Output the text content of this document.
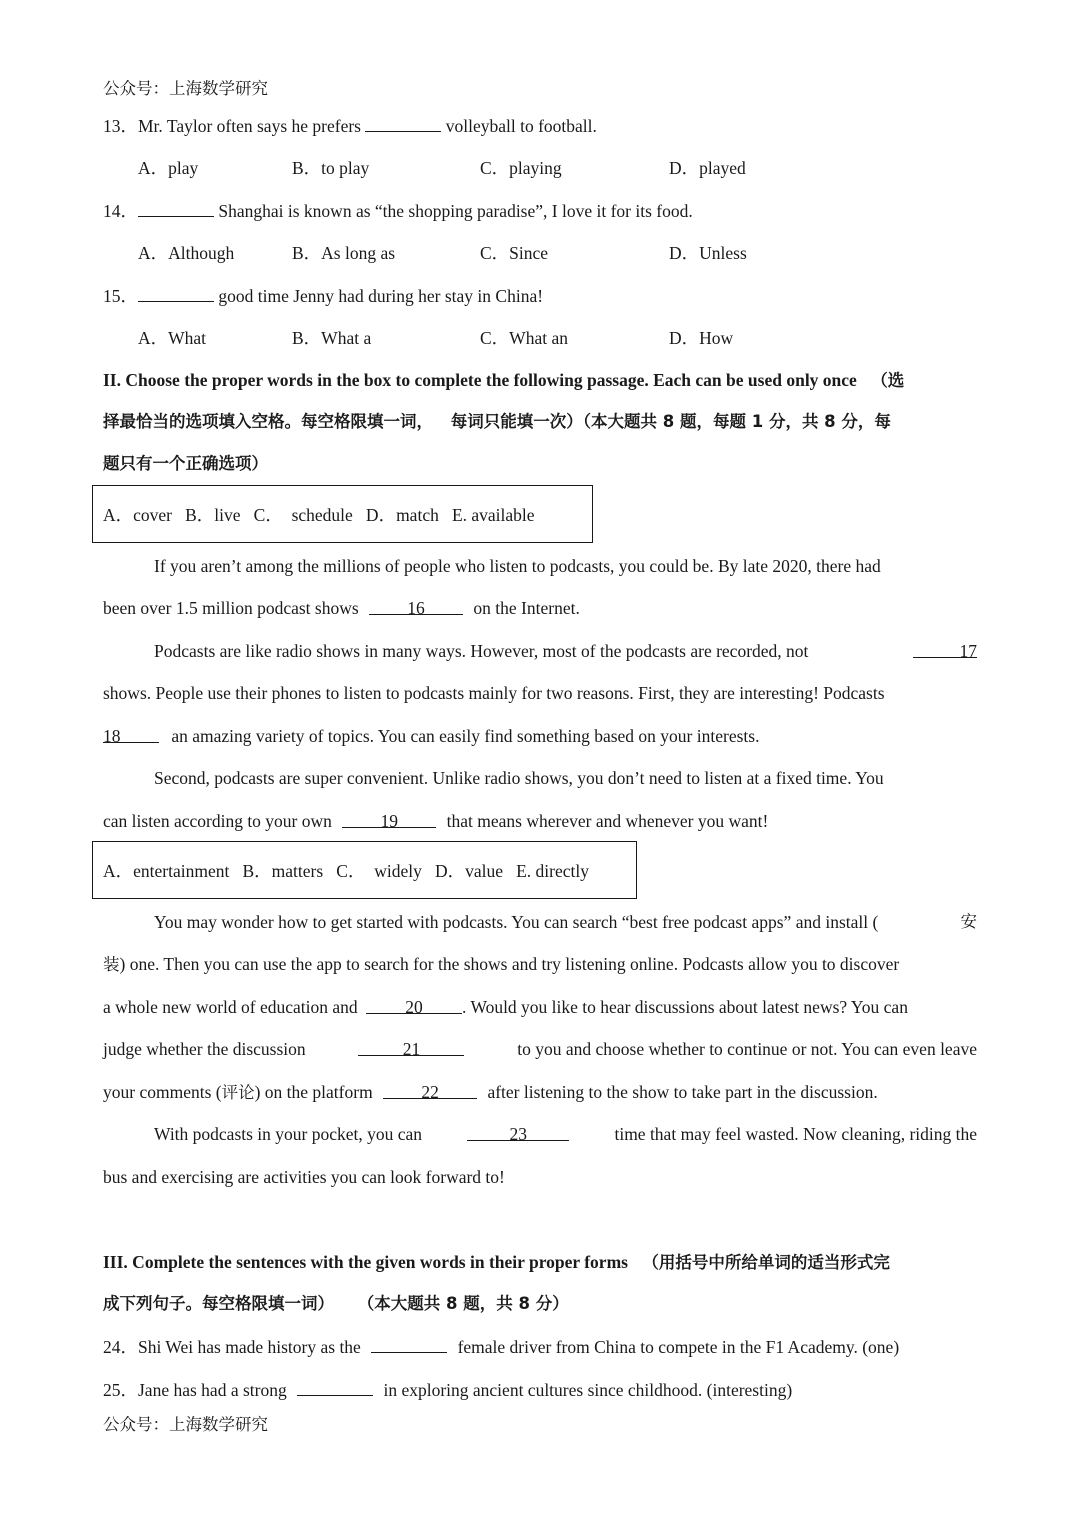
公众号：上海数学研究
13．Mr. Taylor often says he prefers	volleyball to football.
A．play	B．to play	C．playing	D．played
14．	Shanghai is known as “the shopping paradise”, I love it for its food.
A．Although	B．As long as	C．Since	D．Unless
15．	good time Jenny had during her stay in China!
A．What	B．What a	C．What an	D．How
II. Choose the proper words in the box to complete the following passage. Each can be used only once （选
择最恰当的选项填入空格。每空格限填一词， 每词只能填一次）（本大题共 8 题，每题 1 分，共 8 分，每
题只有一个正确选项）
A．cover   B．live   C．  schedule   D．match   E. available
If you aren’t among the millions of people who listen to podcasts, you could be. By late 2020, there had
been over 1.5 million podcast shows	16	on the Internet.
Podcasts are like radio shows in many ways. However, most of the podcasts are recorded, not	17
shows. People use their phones to listen to podcasts mainly for two reasons. First, they are interesting! Podcasts
18	an amazing variety of topics. You can easily find something based on your interests.
Second, podcasts are super convenient. Unlike radio shows, you don’t need to listen at a fixed time. You
can listen according to your own	19	that means wherever and whenever you want!
A．entertainment   B．matters   C．  widely   D．value   E. directly
You may wonder how to get started with podcasts. You can search “best free podcast apps” and install (	安
装) one. Then you can use the app to search for the shows and try listening online. Podcasts allow you to discover
a whole new world of education and	20 . Would you like to hear discussions about latest news? You can
judge whether the discussion	21	to you and choose whether to continue or not. You can even leave
your comments (评论) on the platform	22	after listening to the show to take part in the discussion.
With podcasts in your pocket, you can	23	time that may feel wasted. Now cleaning, riding the
bus and exercising are activities you can look forward to!
III. Complete the sentences with the given words in their proper forms （用括号中所给单词的适当形式完
成下列句子。每空格限填一词） （本大题共 8 题，共 8 分）
24．Shi Wei has made history as the	female driver from China to compete in the F1 Academy. (one)
25．Jane has had a strong	in exploring ancient cultures since childhood. (interesting)
公众号：上海数学研究
